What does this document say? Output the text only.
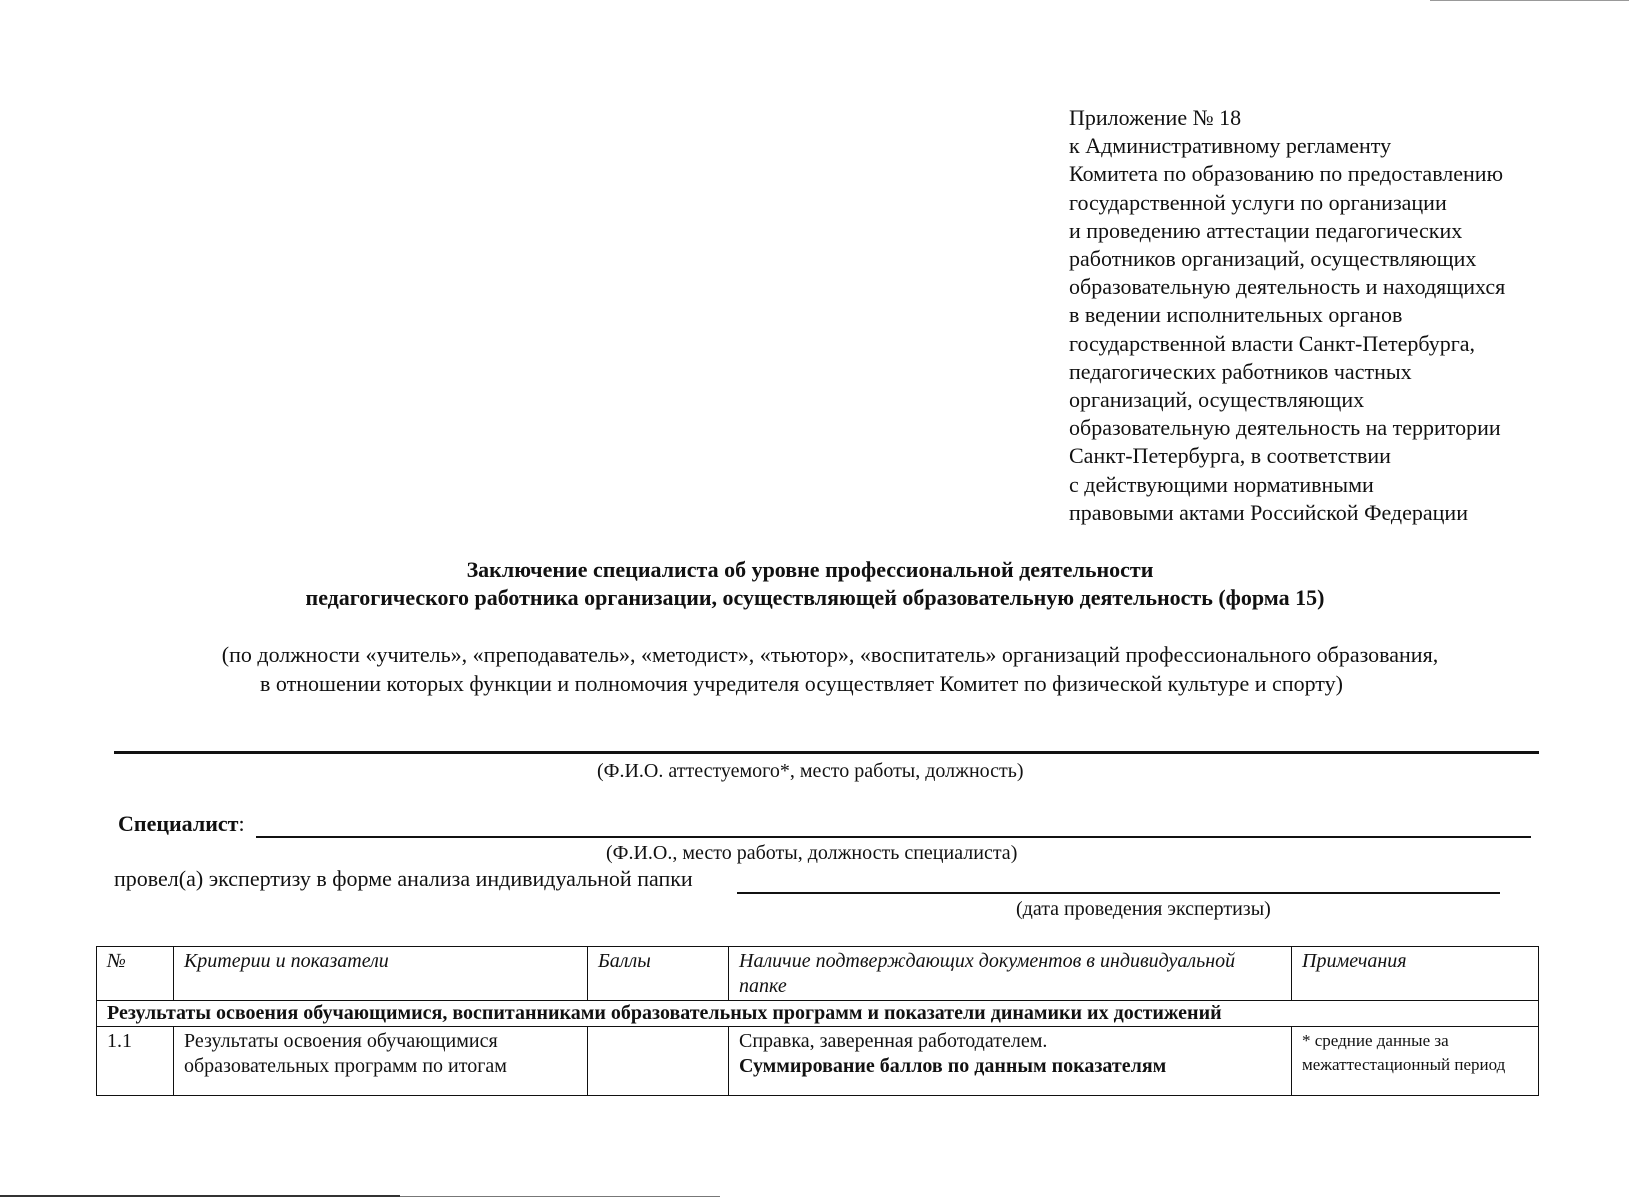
Приложение № 18
к Административному регламенту
Комитета по образованию по предоставлению
государственной услуги по организации
и проведению аттестации педагогических
работников организаций, осуществляющих
образовательную деятельность и находящихся
в ведении исполнительных органов
государственной власти Санкт-Петербурга,
педагогических работников частных
организаций, осуществляющих
образовательную деятельность на территории
Санкт-Петербурга, в соответствии
с действующими нормативными
правовыми актами Российской Федерации
Заключение специалиста об уровне профессиональной деятельности
педагогического работника организации, осуществляющей образовательную деятельность (форма 15)
(по должности «учитель», «преподаватель», «методист», «тьютор», «воспитатель» организаций профессионального образования,
в отношении которых функции и полномочия учредителя осуществляет Комитет по физической культуре и спорту)
(Ф.И.О. аттестуемого*, место работы, должность)
Специалист:
(Ф.И.О., место работы, должность специалиста)
провел(а) экспертизу в форме анализа индивидуальной папки
(дата проведения экспертизы)
№	Критерии и показатели	Баллы	Наличие подтверждающих документов в индивидуальной папке	Примечания
Результаты освоения обучающимися, воспитанниками образовательных программ и показатели динамики их достижений				
1.1	Результаты освоения обучающимися образовательных программ по итогам		Справка, заверенная работодателем.
Суммирование баллов по данным показателям	* средние данные за межаттестационный период
